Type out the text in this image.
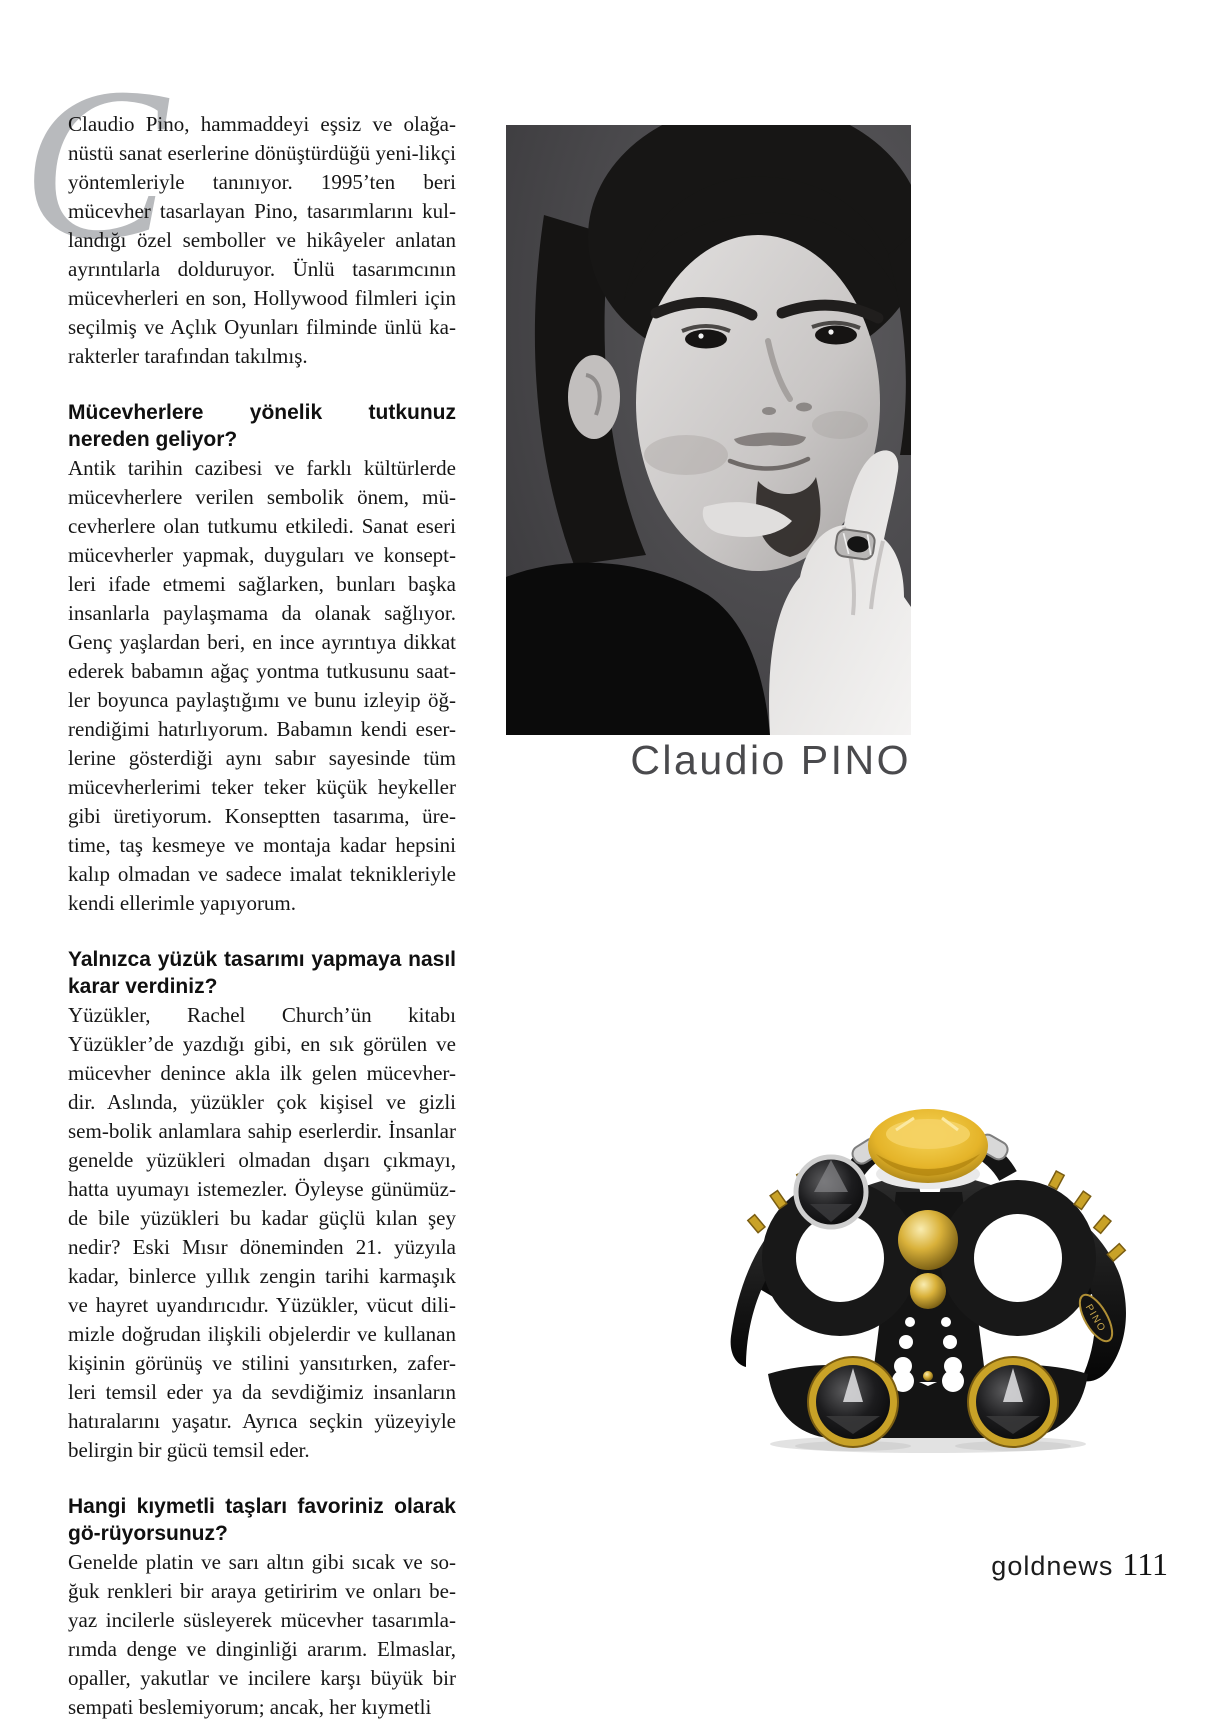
C

Claudio Pino, hammaddeyi eşsiz ve olağa-nüstü sanat eserlerine dönüştürdüğü yeni-likçi yöntemleriyle tanınıyor. 1995’ten beri mücevher tasarlayan Pino, tasarımlarını kul-landığı özel semboller ve hikâyeler anlatan ayrıntılarla dolduruyor. Ünlü tasarımcının mücevherleri en son, Hollywood filmleri için seçilmiş ve Açlık Oyunları filminde ünlü ka-rakterler tarafından takılmış.

Mücevherlere yönelik tutkunuz nereden geliyor?

Antik tarihin cazibesi ve farklı kültürlerde mücevherlere verilen sembolik önem, mü-cevherlere olan tutkumu etkiledi. Sanat eseri mücevherler yapmak, duyguları ve konsept-leri ifade etmemi sağlarken, bunları başka insanlarla paylaşmama da olanak sağlıyor. Genç yaşlardan beri, en ince ayrıntıya dikkat ederek babamın ağaç yontma tutkusunu saat-ler boyunca paylaştığımı ve bunu izleyip öğ-rendiğimi hatırlıyorum. Babamın kendi eser-lerine gösterdiği aynı sabır sayesinde tüm mücevherlerimi teker teker küçük heykeller gibi üretiyorum. Konseptten tasarıma, üre-time, taş kesmeye ve montaja kadar hepsini kalıp olmadan ve sadece imalat teknikleriyle kendi ellerimle yapıyorum.

Yalnızca yüzük tasarımı yapmaya nasıl karar verdiniz?

Yüzükler, Rachel Church’ün kitabı Yüzükler’de yazdığı gibi, en sık görülen ve mücevher denince akla ilk gelen mücevher-dir. Aslında, yüzükler çok kişisel ve gizli sem-bolik anlamlara sahip eserlerdir. İnsanlar genelde yüzükleri olmadan dışarı çıkmayı, hatta uyumayı istemezler. Öyleyse günümüz-de bile yüzükleri bu kadar güçlü kılan şey nedir? Eski Mısır döneminden 21. yüzyıla kadar, binlerce yıllık zengin tarihi karmaşık ve hayret uyandırıcıdır. Yüzükler, vücut dili-mizle doğrudan ilişkili objelerdir ve kullanan kişinin görünüş ve stilini yansıtırken, zafer-leri temsil eder ya da sevdiğimiz insanların hatıralarını yaşatır. Ayrıca seçkin yüzeyiyle belirgin bir gücü temsil eder.

Hangi kıymetli taşları favoriniz olarak gö-rüyorsunuz?

Genelde platin ve sarı altın gibi sıcak ve so-ğuk renkleri bir araya getiririm ve onları be-yaz incilerle süsleyerek mücevher tasarımla-rımda denge ve dinginliği ararım. Elmaslar, opaller, yakutlar ve incilere karşı büyük bir sempati beslemiyorum; ancak, her kıymetli

Claudio PINO
PINO
goldnews 111
